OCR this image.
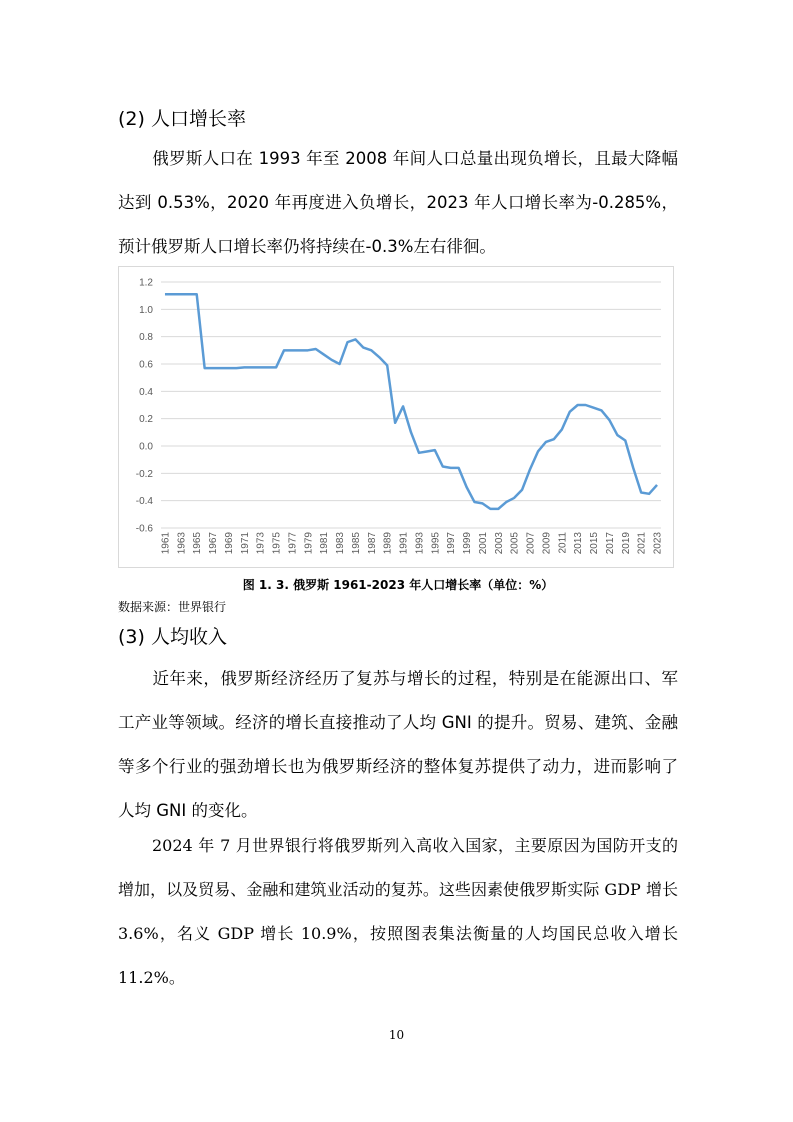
(2) 人口增长率
俄罗斯人口在 1993 年至 2008 年间人口总量出现负增长，且最大降幅达到 0.53%，2020 年再度进入负增长，2023 年人口增长率为-0.285%，预计俄罗斯人口增长率仍将持续在-0.3%左右徘徊。
1.2
1.0
0.8
0.6
0.4
0.2
0.0
-0.2
-0.4
-0.6
1961 1963 1965 1967 1969 1971 1973 1975 1977 1979 1981 1983 1985 1987 1989 1991 1993 1995 1997 1999 2001 2003 2005 2007 2009 2011 2013 2015 2017 2019 2021 2023
图 1. 3. 俄罗斯 1961-2023 年人口增长率（单位：%）
数据来源：世界银行
(3) 人均收入
近年来，俄罗斯经济经历了复苏与增长的过程，特别是在能源出口、军工产业等领域。经济的增长直接推动了人均 GNI 的提升。贸易、建筑、金融等多个行业的强劲增长也为俄罗斯经济的整体复苏提供了动力，进而影响了人均 GNI 的变化。
2024 年 7 月世界银行将俄罗斯列入高收入国家，主要原因为国防开支的增加，以及贸易、金融和建筑业活动的复苏。这些因素使俄罗斯实际 GDP 增长 3.6%，名义 GDP 增长 10.9%，按照图表集法衡量的人均国民总收入增长 11.2%。
10
